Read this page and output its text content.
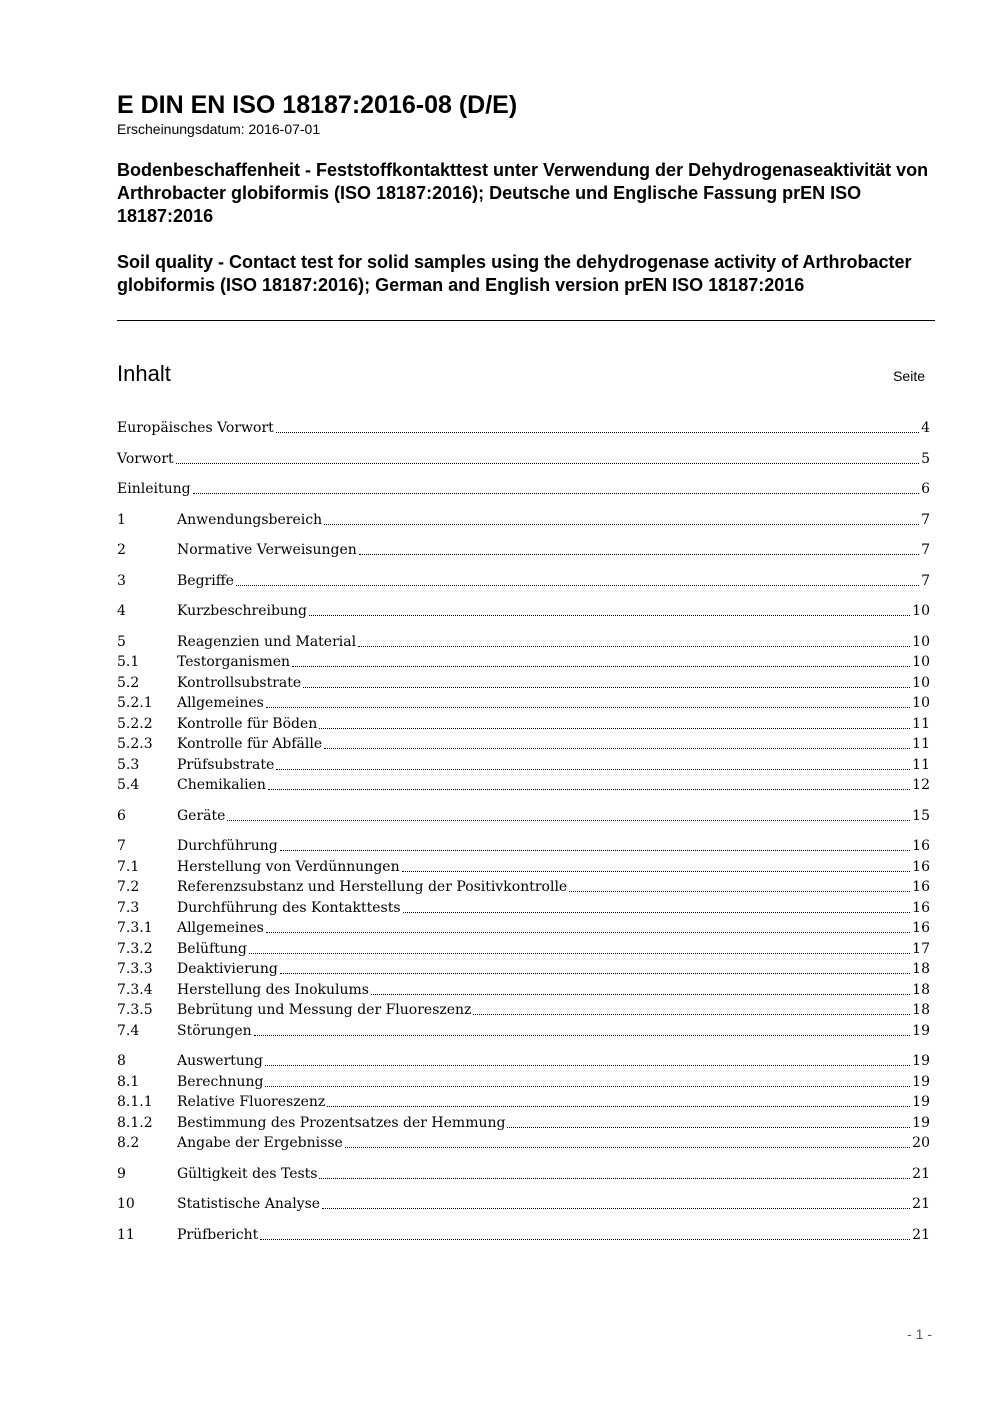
E DIN EN ISO 18187:2016-08 (D/E)
Erscheinungsdatum: 2016-07-01
Bodenbeschaffenheit - Feststoffkontakttest unter Verwendung der Dehydrogenaseaktivität von Arthrobacter globiformis (ISO 18187:2016); Deutsche und Englische Fassung prEN ISO 18187:2016
Soil quality - Contact test for solid samples using the dehydrogenase activity of Arthrobacter globiformis (ISO 18187:2016); German and English version prEN ISO 18187:2016
Inhalt	Seite
Europäisches Vorwort	4
Vorwort	5
Einleitung	6
1	Anwendungsbereich	7
2	Normative Verweisungen	7
3	Begriffe	7
4	Kurzbeschreibung	10
5	Reagenzien und Material	10
5.1	Testorganismen	10
5.2	Kontrollsubstrate	10
5.2.1	Allgemeines	10
5.2.2	Kontrolle für Böden	11
5.2.3	Kontrolle für Abfälle	11
5.3	Prüfsubstrate	11
5.4	Chemikalien	12
6	Geräte	15
7	Durchführung	16
7.1	Herstellung von Verdünnungen	16
7.2	Referenzsubstanz und Herstellung der Positivkontrolle	16
7.3	Durchführung des Kontakttests	16
7.3.1	Allgemeines	16
7.3.2	Belüftung	17
7.3.3	Deaktivierung	18
7.3.4	Herstellung des Inokulums	18
7.3.5	Bebrütung und Messung der Fluoreszenz	18
7.4	Störungen	19
8	Auswertung	19
8.1	Berechnung	19
8.1.1	Relative Fluoreszenz	19
8.1.2	Bestimmung des Prozentsatzes der Hemmung	19
8.2	Angabe der Ergebnisse	20
9	Gültigkeit des Tests	21
10	Statistische Analyse	21
11	Prüfbericht	21
- 1 -
